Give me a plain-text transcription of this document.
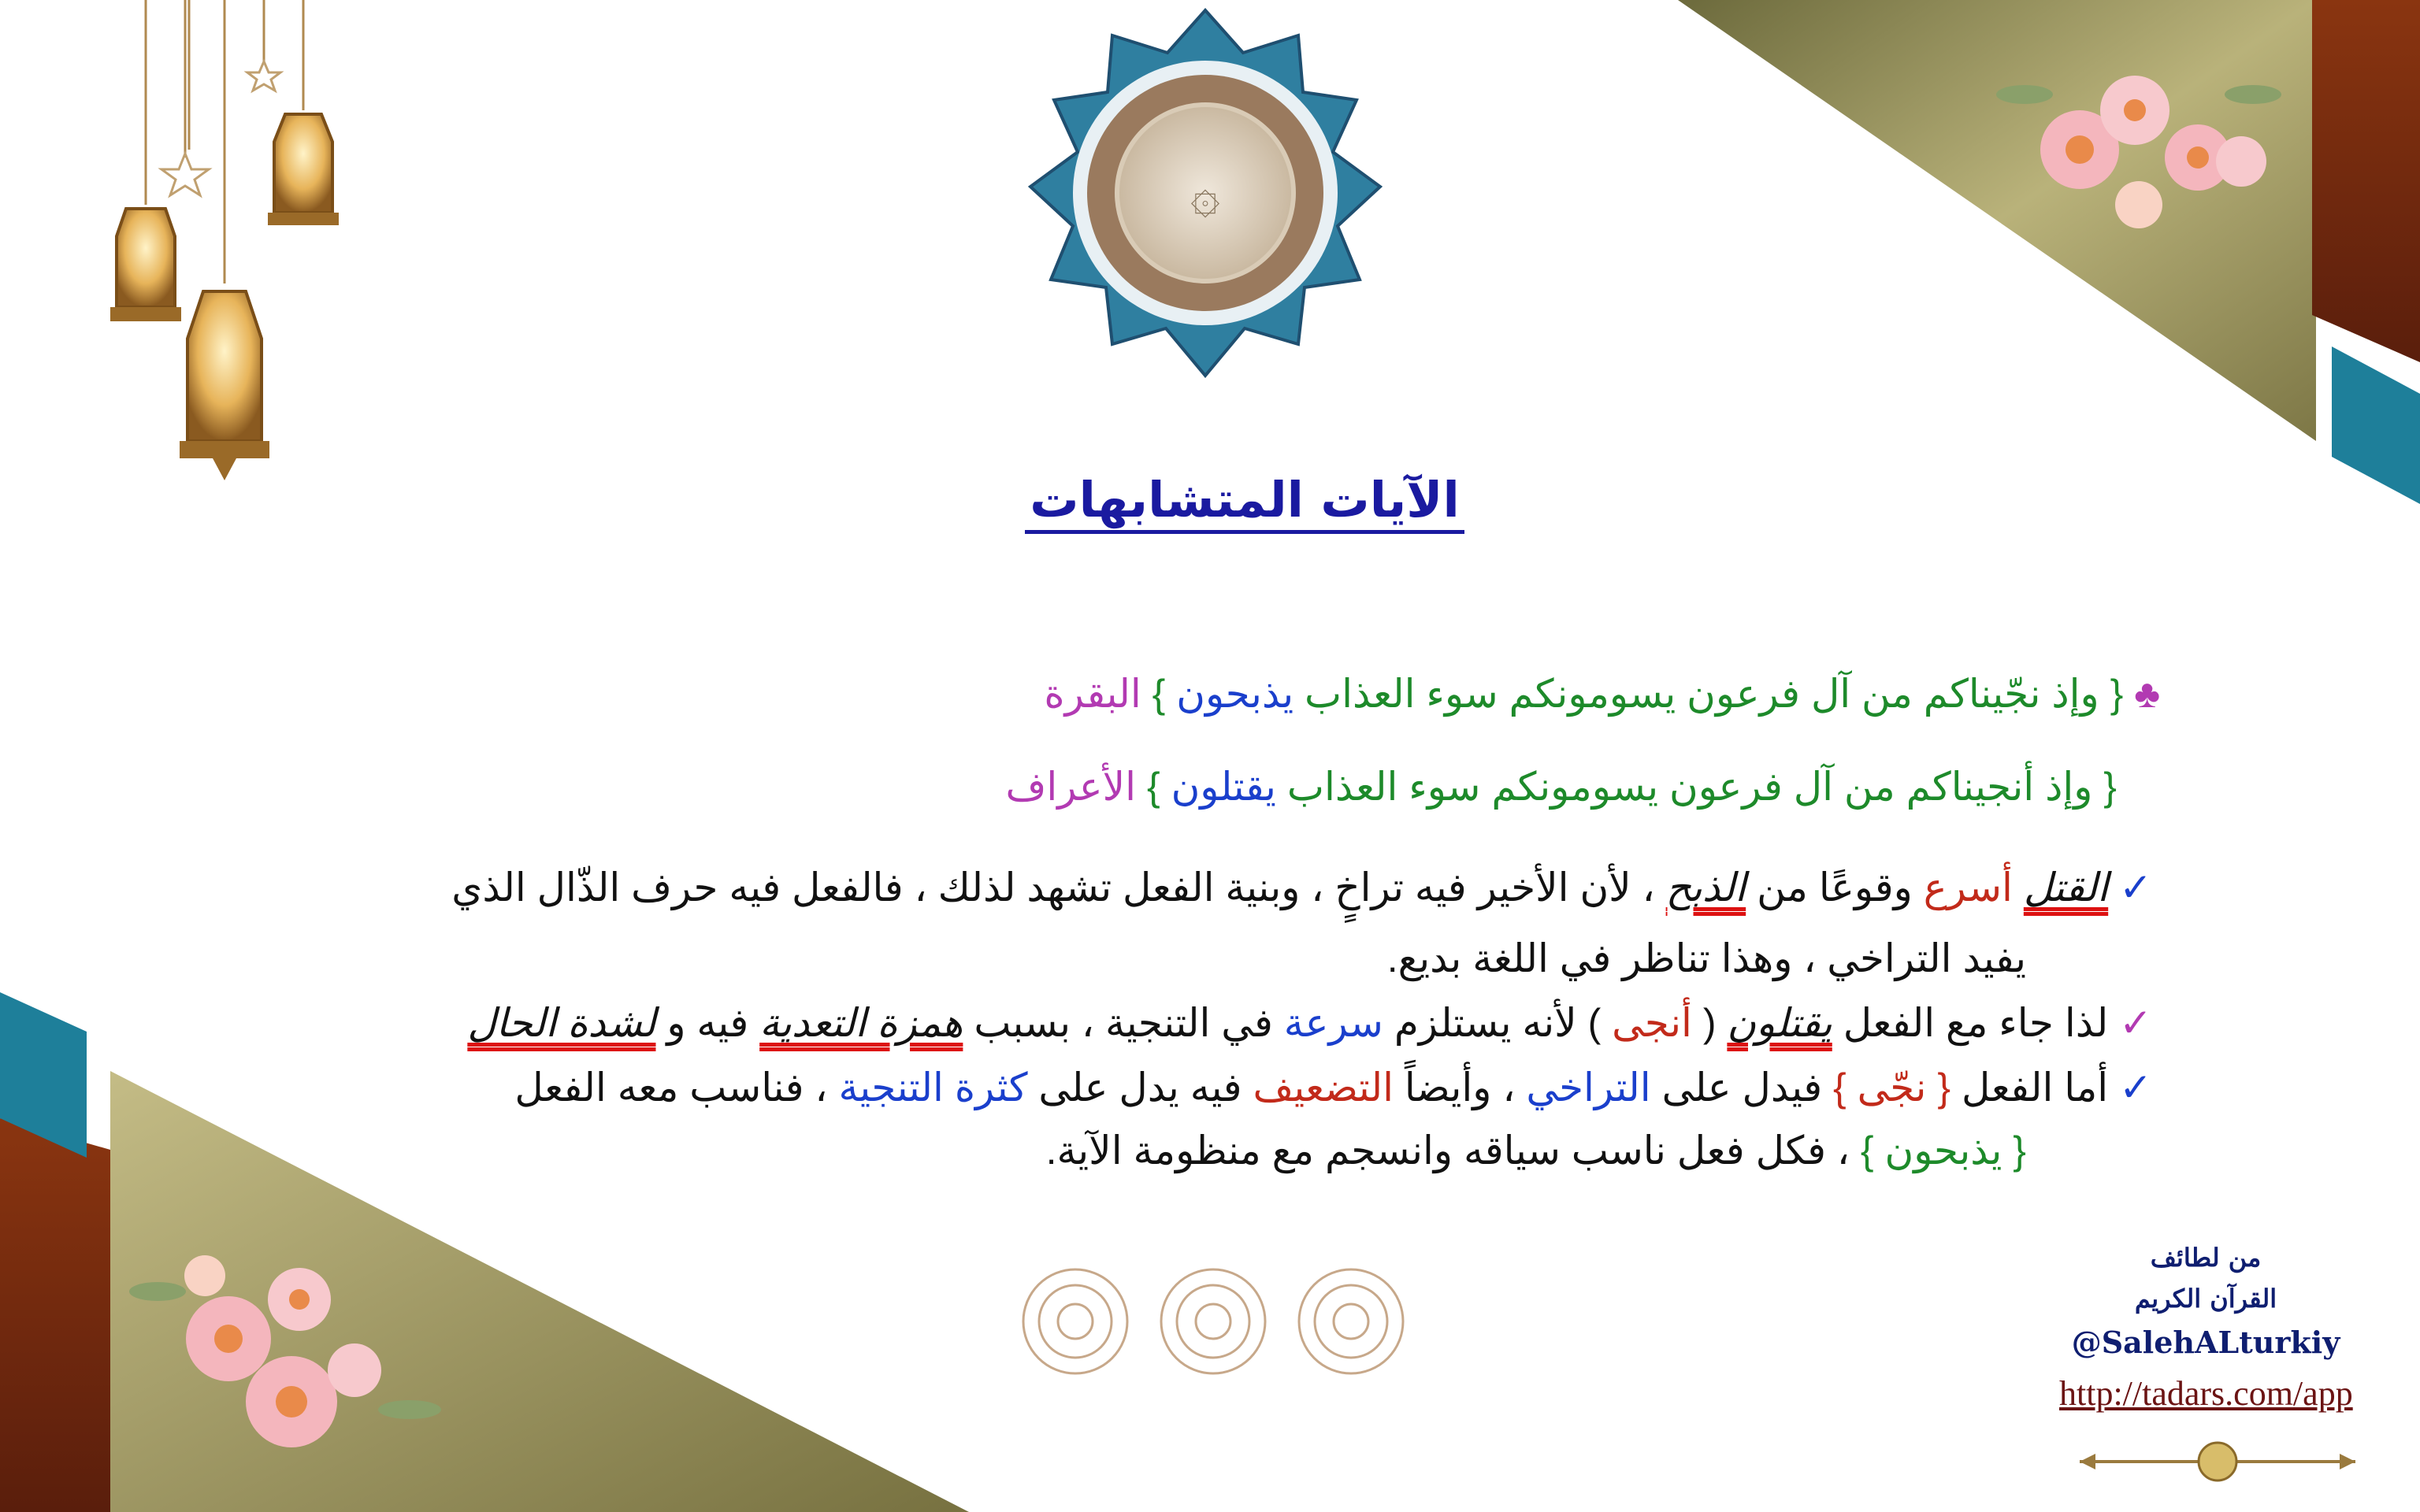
۞
الآيات المتشابهات
♣ { وإذ نجّيناكم من آل فرعون يسومونكم سوء العذاب يذبحون } البقرة
{ وإذ أنجيناكم من آل فرعون يسومونكم سوء العذاب يقتلون } الأعراف
✓ القتل أسرع وقوعًا من الذبح ، لأن الأخير فيه تراخٍ ، وبنية الفعل تشهد لذلك ، فالفعل فيه حرف الذّال الذي
يفيد التراخي ، وهذا تناظر في اللغة بديع.
✓ لذا جاء مع الفعل يقتلون ( أنجى ) لأنه يستلزم سرعة في التنجية ، بسبب همزة التعدية فيه و لشدة الحال
✓ أما الفعل { نجّى } فيدل على التراخي ، وأيضاً التضعيف فيه يدل على كثرة التنجية ، فناسب معه الفعل
{ يذبحون } ، فكل فعل ناسب سياقه وانسجم مع منظومة الآية.
من لطائف
القرآن الكريم
@SalehALturkiy
http://tadars.com/app
